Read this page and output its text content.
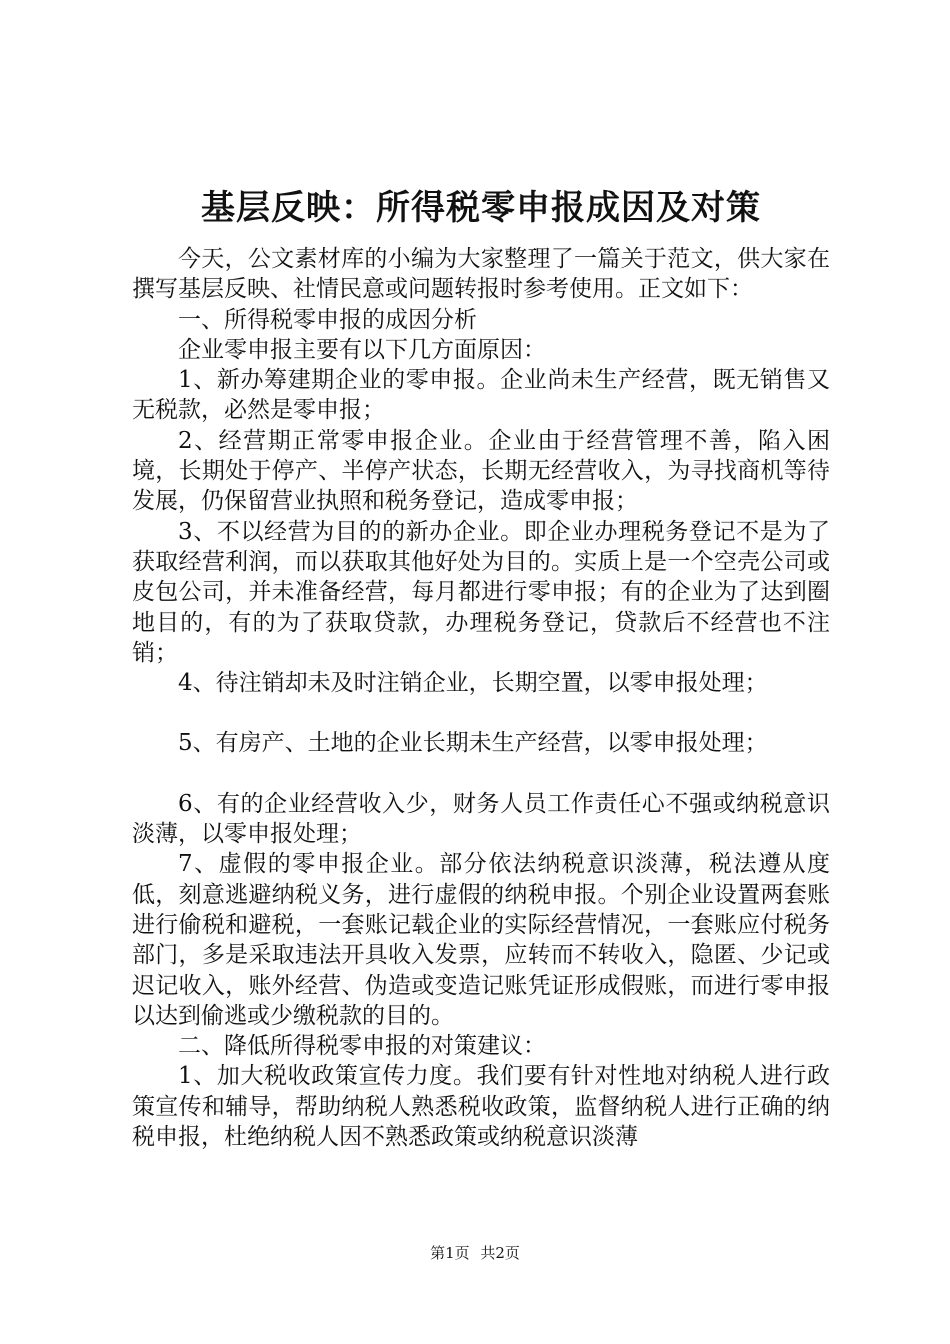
基层反映：所得税零申报成因及对策

今天，公文素材库的小编为大家整理了一篇关于范文，供大家在撰写基层反映、社情民意或问题转报时参考使用。正文如下：

一、所得税零申报的成因分析

企业零申报主要有以下几方面原因：

1、新办筹建期企业的零申报。企业尚未生产经营，既无销售又无税款，必然是零申报；

2、经营期正常零申报企业。企业由于经营管理不善，陷入困境，长期处于停产、半停产状态，长期无经营收入，为寻找商机等待发展，仍保留营业执照和税务登记，造成零申报；

3、不以经营为目的的新办企业。即企业办理税务登记不是为了获取经营利润，而以获取其他好处为目的。实质上是一个空壳公司或皮包公司，并未准备经营，每月都进行零申报；有的企业为了达到圈地目的，有的为了获取贷款，办理税务登记，贷款后不经营也不注销；

4、待注销却未及时注销企业，长期空置，以零申报处理；

5、有房产、土地的企业长期未生产经营，以零申报处理；

6、有的企业经营收入少，财务人员工作责任心不强或纳税意识淡薄，以零申报处理；

7、虚假的零申报企业。部分依法纳税意识淡薄，税法遵从度低，刻意逃避纳税义务，进行虚假的纳税申报。个别企业设置两套账进行偷税和避税，一套账记载企业的实际经营情况，一套账应付税务部门，多是采取违法开具收入发票，应转而不转收入，隐匿、少记或迟记收入，账外经营、伪造或变造记账凭证形成假账，而进行零申报以达到偷逃或少缴税款的目的。

二、降低所得税零申报的对策建议：

1、加大税收政策宣传力度。我们要有针对性地对纳税人进行政策宣传和辅导，帮助纳税人熟悉税收政策，监督纳税人进行正确的纳税申报，杜绝纳税人因不熟悉政策或纳税意识淡薄

第1页 共2页
